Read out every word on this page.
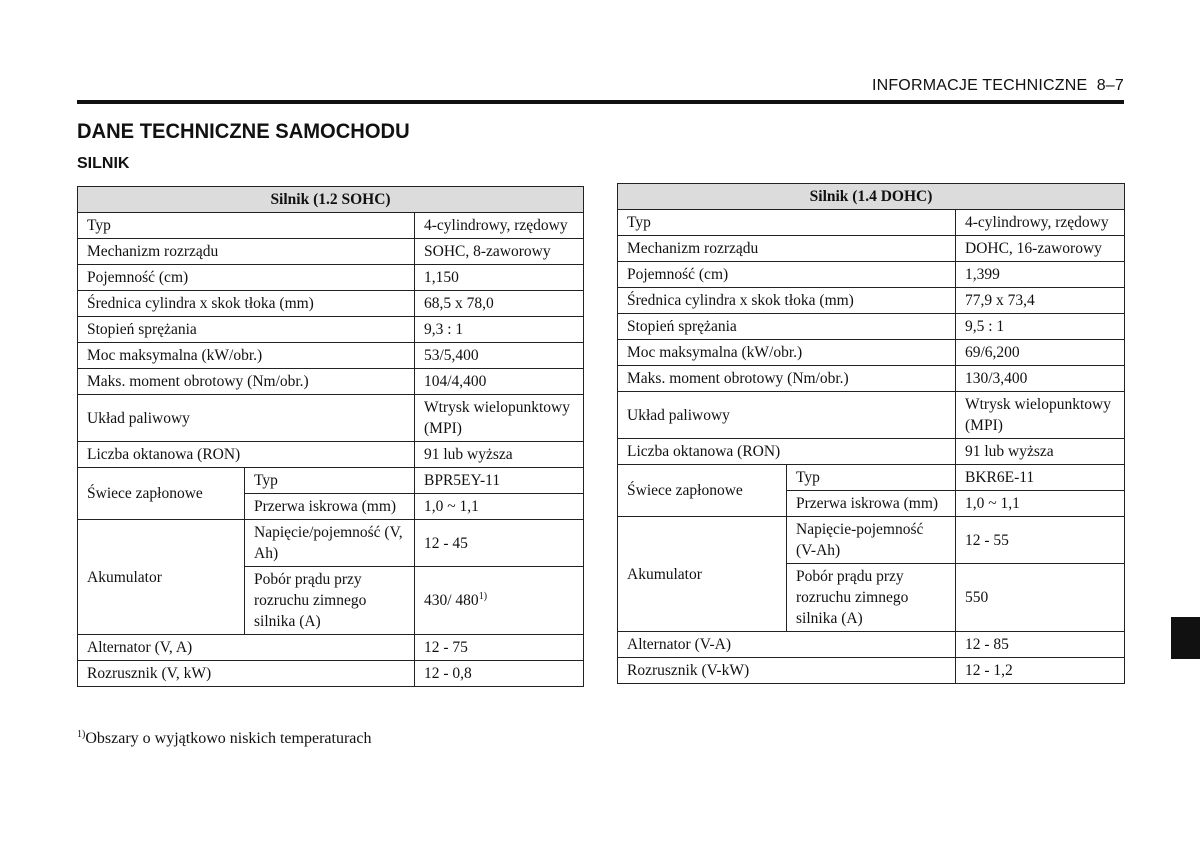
INFORMACJE TECHNICZNE 8–7
DANE TECHNICZNE SAMOCHODU
SILNIK
Silnik (1.2 SOHC)		
Typ		4-cylindrowy, rzędowy
Mechanizm rozrządu		SOHC, 8-zaworowy
Pojemność (cm)		1,150
Średnica cylindra x skok tłoka (mm)		68,5 x 78,0
Stopień sprężania		9,3 : 1
Moc maksymalna (kW/obr.)		53/5,400
Maks. moment obrotowy (Nm/obr.)		104/4,400
Układ paliwowy		Wtrysk wielopunktowy (MPI)
Liczba oktanowa (RON)		91 lub wyższa
Świece zapłonowe	Typ	BPR5EY-11
	Przerwa iskrowa (mm)	1,0 ~ 1,1
Akumulator	Napięcie/pojemność (V, Ah)	12 - 45
	Pobór prądu przy rozruchu zimnego silnika (A)	430/ 480$^{1)}$
Alternator (V, A)		12 - 75
Rozrusznik (V, kW)		12 - 0,8
Silnik (1.4 DOHC)		
Typ		4-cylindrowy, rzędowy
Mechanizm rozrządu		DOHC, 16-zaworowy
Pojemność (cm)		1,399
Średnica cylindra x skok tłoka (mm)		77,9 x 73,4
Stopień sprężania		9,5 : 1
Moc maksymalna (kW/obr.)		69/6,200
Maks. moment obrotowy (Nm/obr.)		130/3,400
Układ paliwowy		Wtrysk wielopunktowy (MPI)
Liczba oktanowa (RON)		91 lub wyższa
Świece zapłonowe	Typ	BKR6E-11
	Przerwa iskrowa (mm)	1,0 ~ 1,1
Akumulator	Napięcie-pojemność (V-Ah)	12 - 55
	Pobór prądu przy rozruchu zimnego silnika (A)	550
Alternator (V-A)		12 - 85
Rozrusznik (V-kW)		12 - 1,2
$^{1)}$Obszary o wyjątkowo niskich temperaturach
